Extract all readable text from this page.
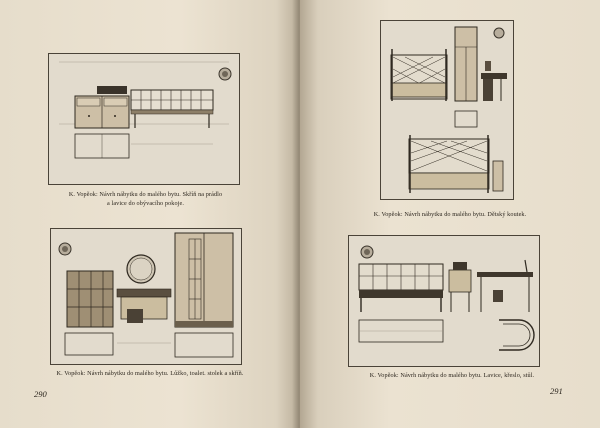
K. Vopěok: Návrh nábytku do malého bytu. Skříň na prádlo
a lavice do obývacího pokoje.
K. Vopěok: Návrh nábytku do malého bytu. Lůžko, toalet. stolek a skříň.
290
K. Vopěok: Návrh nábytku do malého bytu. Dětský koutek.
K. Vopěok: Návrh nábytku do malého bytu. Lavice, křeslo, stůl.
291
